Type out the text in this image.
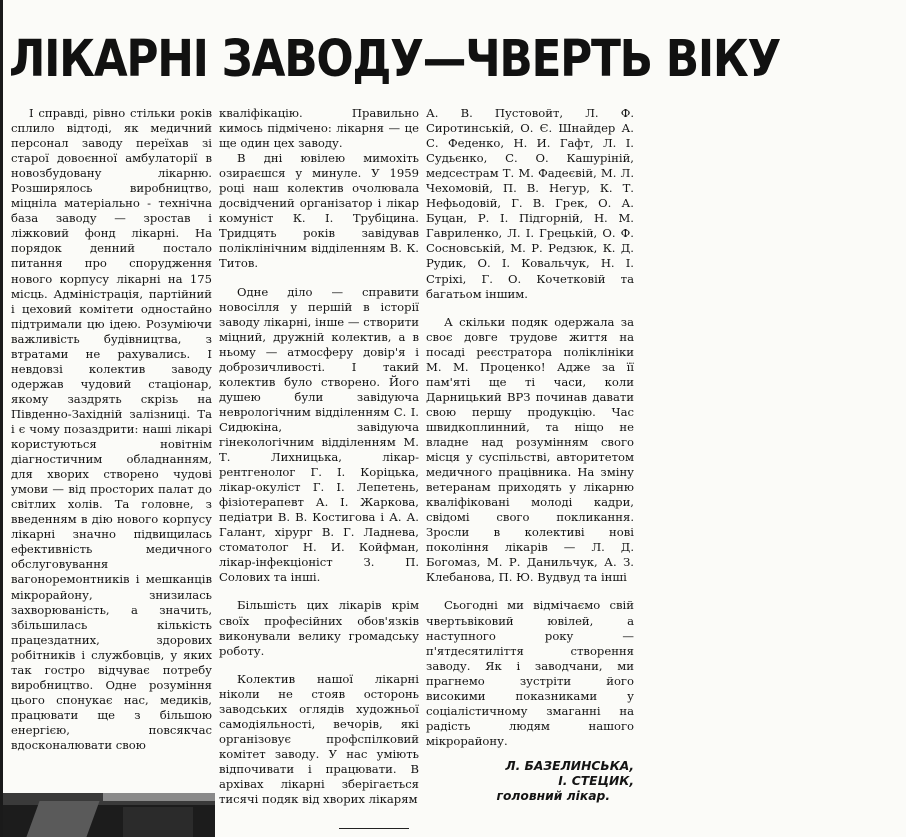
ЛІКАРНІ ЗАВОДУ—ЧВЕРТЬ ВІКУ

І справді, рівно стільки років сплило відтоді, як медичний персонал заводу переїхав зі старої довоєнної амбулаторії в новозбудовану лікарню. Розширялось виробництво, міцніла матеріально - технічна база заводу — зростав і ліжковий фонд лікарні. На порядок денний постало питання про спорудження нового корпусу лікарні на 175 місць. Адміністрація, партійний і цеховий комітети одностайно підтримали цю ідею. Розуміючи важливість будівництва, з втратами не рахувались. І невдовзі колектив заводу одержав чудовий стаціонар, якому заздрять скрізь на Південно-Західній залізниці. Та і є чому позаздрити: наші лікарі користуються новітнім діагностичним обладнанням, для хворих створено чудові умови — від просторих палат до світлих холів. Та головне, з введенням в дію нового корпусу лікарні значно підвищилась ефективність медичного обслуговування вагоноремонтників і мешканців мікрорайону, знизилась захворюваність, а значить, збільшилась кількість працездатних, здорових робітників і службовців, у яких так гостро відчуває потребу виробництво. Одне розуміння цього спонукає нас, медиків, працювати ще з більшою енергією, повсякчас вдосконалювати свою

кваліфікацію. Правильно кимось підмічено: лікарня — це ще один цех заводу.

В дні ювілею мимохіть озираєшся у минуле. У 1959 році наш колектив очолювала досвідчений організатор і лікар комуніст К. І. Трубіцина. Тридцять років завідував поліклінічним відділенням В. К. Титов.

Одне діло — справити новосілля у першій в історії заводу лікарні, інше — створити міцний, дружній колектив, а в ньому — атмосферу довір'я і доброзичливості. І такий колектив було створено. Його душею були завідуюча неврологічним відділенням С. І. Сидюкіна, завідуюча гінекологічним відділенням М. Т. Лихницька, лікар-рентгенолог Г. І. Коріцька, лікар-окуліст Г. І. Лепетень, фізіотерапевт А. І. Жаркова, педіатри В. В. Костигова і А. А. Галант, хірург В. Г. Ладнева, стоматолог Н. И. Койфман, лікар-інфекціоніст З. П. Солових та інші.

Більшість цих лікарів крім своїх професійних обов'язків виконували велику громадську роботу.

Колектив нашої лікарні ніколи не стояв осторонь заводських оглядів художньої самодіяльності, вечорів, які організовує профспілковий комітет заводу. У нас уміють відпочивати і працювати. В архівах лікарні зберігається тисячі подяк від хворих лікарям

А. В. Пустовойт, Л. Ф. Сиротинській, О. Є. Шнайдер А. С. Феденко, Н. И. Гафт, Л. І. Судьєнко, С. О. Кашуріній, медсестрам Т. М. Фадеєвій, М. Л. Чехомовій, П. В. Негур, К. Т. Нефьодовій, Г. В. Грек, О. А. Буцан, Р. І. Підгорній, Н. М. Гавриленко, Л. І. Грецькій, О. Ф. Сосновській, М. Р. Редзюк, К. Д. Рудик, О. І. Ковальчук, Н. І. Стріхі, Г. О. Кочетковій та багатьом іншим.

А скільки подяк одержала за своє довге трудове життя на посаді реєстратора поліклініки М. М. Проценко! Адже за її пам'яті ще ті часи, коли Дарницький ВРЗ починав давати свою першу продукцію. Час швидкоплинний, та ніщо не владне над розумінням свого місця у суспільстві, авторитетом медичного працівника. На зміну ветеранам приходять у лікарню кваліфіковані молоді кадри, свідомі свого покликання. Зросли в колективі нові покоління лікарів — Л. Д. Богомаз, М. Р. Данильчук, А. З. Клебанова, П. Ю. Вудвуд та інші

Сьогодні ми відмічаємо свій чвертьвіковий ювілей, а наступного року — п'ятдесятиліття створення заводу. Як і заводчани, ми прагнемо зустріти його високими показниками у соціалістичному змаганні на радість людям нашого мікрорайону.

Л. БАЗЕЛИНСЬКА,
І. СТЕЦИК,
головний лікар.
